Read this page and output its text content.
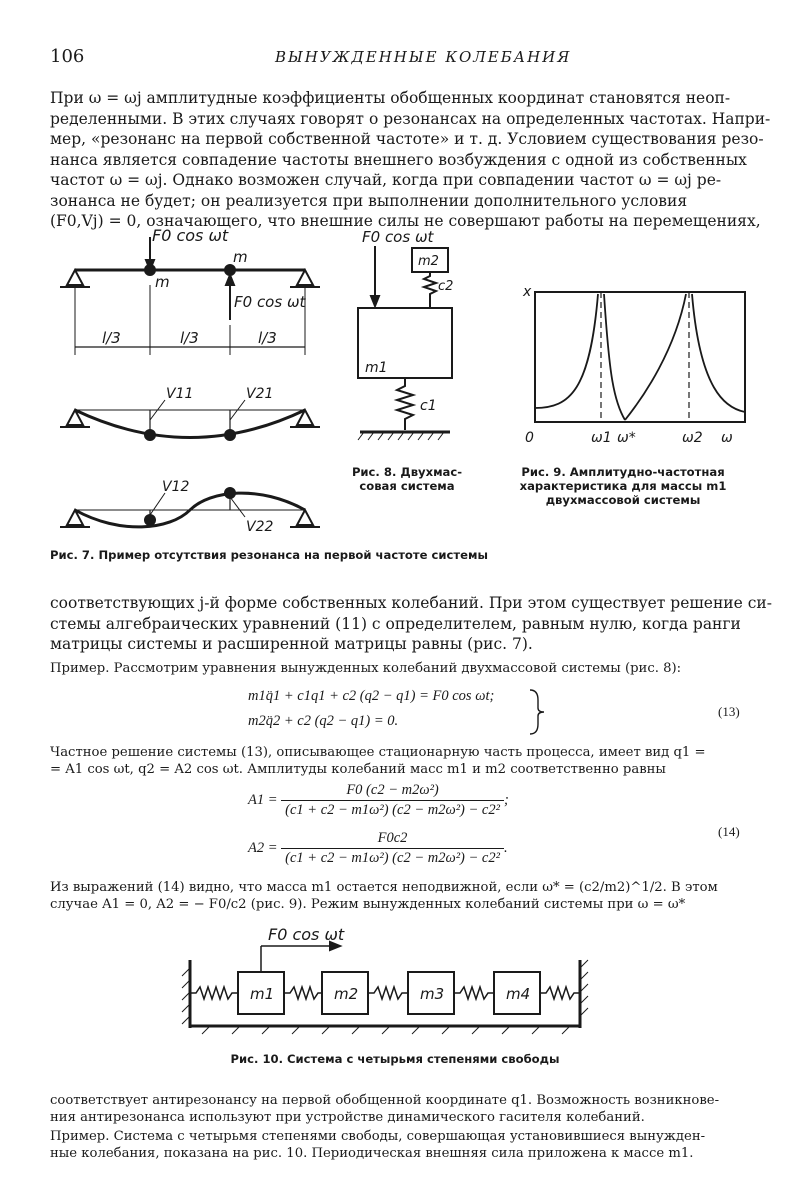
106	ВЫНУЖДЕННЫЕ КОЛЕБАНИЯ
При ω = ωj амплитудные коэффициенты обобщенных координат становятся неоп-
ределенными. В этих случаях говорят о резонансах на определенных частотах. Напри-
мер, «резонанс на первой собственной частоте» и т. д. Условием существования резо-
нанса является совпадение частоты внешнего возбуждения с одной из собственных
частот ω = ωj. Однако возможен случай, когда при совпадении частот ω = ωj ре-
зонанса не будет; он реализуется при выполнении дополнительного условия
(F0,Vj) = 0, означающего, что внешние силы не совершают работы на перемещениях,
F0 cos ωt
m
m
F0 cos ωt
l/3	l/3	l/3
V11	V21
V12
V22
F0 cos ωt
m2
c2
m1
c1
Рис. 8. Двухмас-
совая система
x
0	ω1 ω*	ω2 ω
Рис. 9. Амплитудно-частотная
характеристика для массы m1
двухмассовой системы
Рис. 7. Пример отсутствия резонанса на первой частоте системы
соответствующих j-й форме собственных колебаний. При этом существует решение си-
стемы алгебраических уравнений (11) с определителем, равным нулю, когда ранги
матрицы системы и расширенной матрицы равны (рис. 7).
Пример. Рассмотрим уравнения вынужденных колебаний двухмассовой системы (рис. 8):
m1q̈1 + c1q1 + c2 (q2 − q1) = F0 cos ωt;
m2q̈2 + c2 (q2 − q1) = 0.
(13)
Частное решение системы (13), описывающее стационарную часть процесса, имеет вид q1 =
= A1 cos ωt, q2 = A2 cos ωt. Амплитуды колебаний масс m1 и m2 соответственно равны
$A1 = \frac{\text{F0 (c2 − m2ω²)}}{\text{(c1 + c2 − m1ω²) (c2 − m2ω²) − c2²}}$ ;
$A2 = \frac{F0c2}{\text{(c1 + c2 − m1ω²) (c2 − m2ω²) − c2²}}$ .
(14)
Из выражений (14) видно, что масса m1 остается неподвижной, если ω* = (c2/m2)^1/2. В этом
случае A1 = 0, A2 = − F0/c2 (рис. 9). Режим вынужденных колебаний системы при ω = ω*
F0 cos ωt
m1	m2	m3	m4
Рис. 10. Система с четырьмя степенями свободы
соответствует антирезонансу на первой обобщенной координате q1. Возможность возникнове-
ния антирезонанса используют при устройстве динамического гасителя колебаний.
Пример. Система с четырьмя степенями свободы, совершающая установившиеся вынужден-
ные колебания, показана на рис. 10. Периодическая внешняя сила приложена к массе m1.
